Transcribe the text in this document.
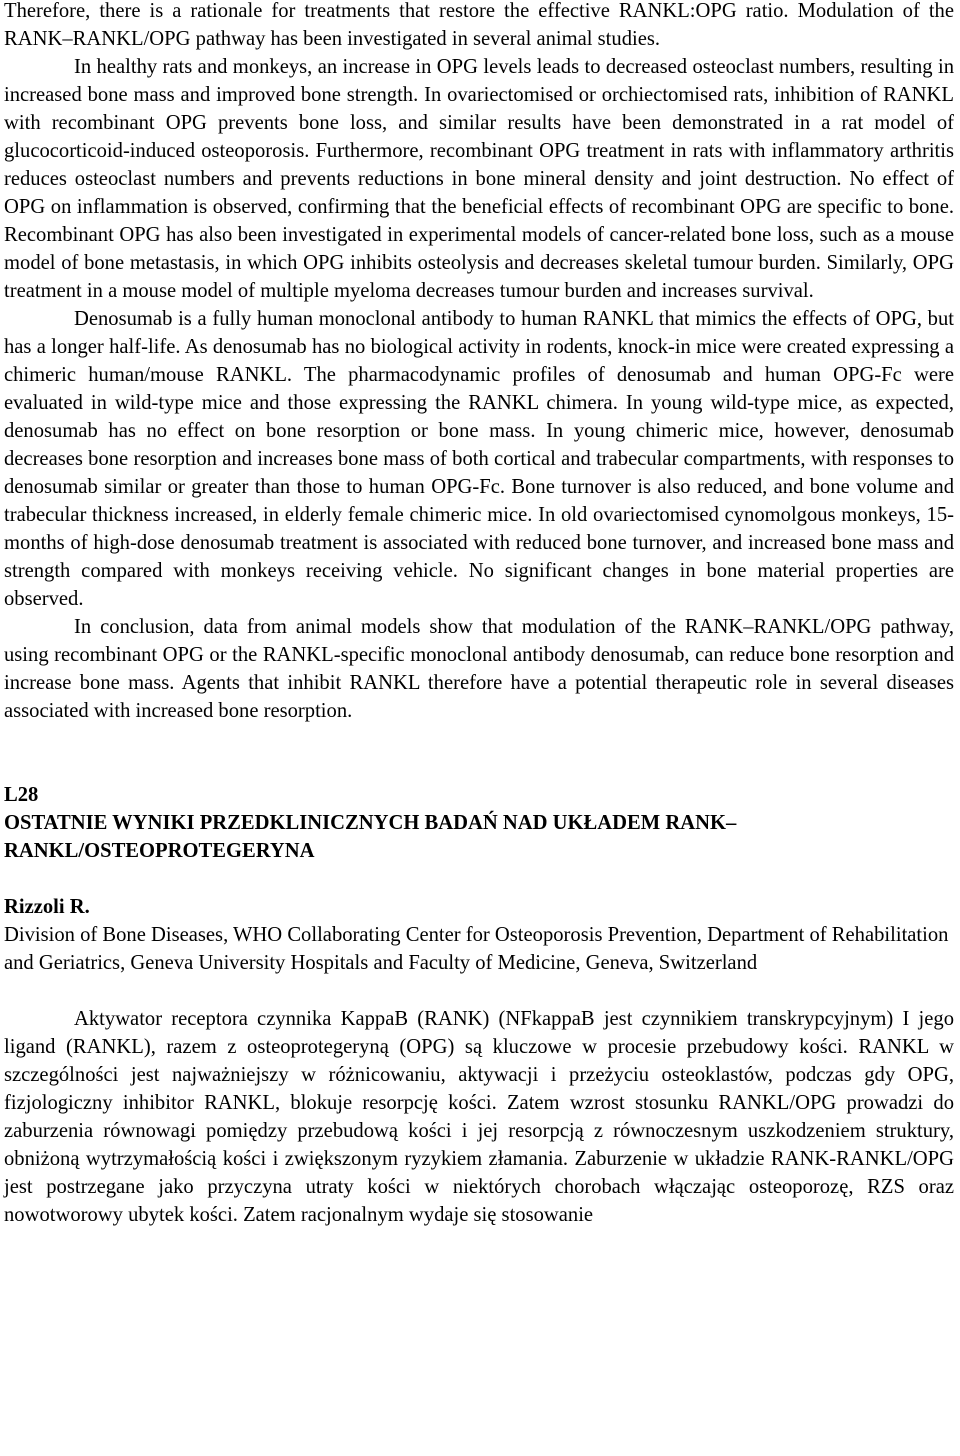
Therefore, there is a rationale for treatments that restore the effective RANKL:OPG ratio. Modulation of the RANK–RANKL/OPG pathway has been investigated in several animal studies.

In healthy rats and monkeys, an increase in OPG levels leads to decreased osteoclast numbers, resulting in increased bone mass and improved bone strength. In ovariectomised or orchiectomised rats, inhibition of RANKL with recombinant OPG prevents bone loss, and similar results have been demonstrated in a rat model of glucocorticoid-induced osteoporosis. Furthermore, recombinant OPG treatment in rats with inflammatory arthritis reduces osteoclast numbers and prevents reductions in bone mineral density and joint destruction. No effect of OPG on inflammation is observed, confirming that the beneficial effects of recombinant OPG are specific to bone. Recombinant OPG has also been investigated in experimental models of cancer-related bone loss, such as a mouse model of bone metastasis, in which OPG inhibits osteolysis and decreases skeletal tumour burden. Similarly, OPG treatment in a mouse model of multiple myeloma decreases tumour burden and increases survival.

Denosumab is a fully human monoclonal antibody to human RANKL that mimics the effects of OPG, but has a longer half-life. As denosumab has no biological activity in rodents, knock-in mice were created expressing a chimeric human/mouse RANKL. The pharmacodynamic profiles of denosumab and human OPG-Fc were evaluated in wild-type mice and those expressing the RANKL chimera. In young wild-type mice, as expected, denosumab has no effect on bone resorption or bone mass. In young chimeric mice, however, denosumab decreases bone resorption and increases bone mass of both cortical and trabecular compartments, with responses to denosumab similar or greater than those to human OPG-Fc. Bone turnover is also reduced, and bone volume and trabecular thickness increased, in elderly female chimeric mice. In old ovariectomised cynomolgous monkeys, 15-months of high-dose denosumab treatment is associated with reduced bone turnover, and increased bone mass and strength compared with monkeys receiving vehicle. No significant changes in bone material properties are observed.

In conclusion, data from animal models show that modulation of the RANK–RANKL/OPG pathway, using recombinant OPG or the RANKL-specific monoclonal antibody denosumab, can reduce bone resorption and increase bone mass. Agents that inhibit RANKL therefore have a potential therapeutic role in several diseases associated with increased bone resorption.

L28

OSTATNIE WYNIKI PRZEDKLINICZNYCH BADAŃ NAD UKŁADEM RANK–

RANKL/OSTEOPROTEGERYNA

Rizzoli R.

Division of Bone Diseases, WHO Collaborating Center for Osteoporosis Prevention, Department of Rehabilitation and Geriatrics, Geneva University Hospitals and Faculty of Medicine, Geneva, Switzerland

Aktywator receptora czynnika KappaB (RANK) (NFkappaB jest czynnikiem transkrypcyjnym) I jego ligand (RANKL), razem z osteoprotegeryną (OPG) są kluczowe w procesie przebudowy kości. RANKL w szczególności jest najważniejszy w różnicowaniu, aktywacji i przeżyciu osteoklastów, podczas gdy OPG, fizjologiczny inhibitor RANKL, blokuje resorpcję kości. Zatem wzrost stosunku RANKL/OPG prowadzi do zaburzenia równowagi pomiędzy przebudową kości i jej resorpcją z równoczesnym uszkodzeniem struktury, obniżoną wytrzymałością kości i zwiększonym ryzykiem złamania. Zaburzenie w układzie RANK-RANKL/OPG jest postrzegane jako przyczyna utraty kości w niektórych chorobach włączając osteoporozę, RZS oraz nowotworowy ubytek kości. Zatem racjonalnym wydaje się stosowanie
